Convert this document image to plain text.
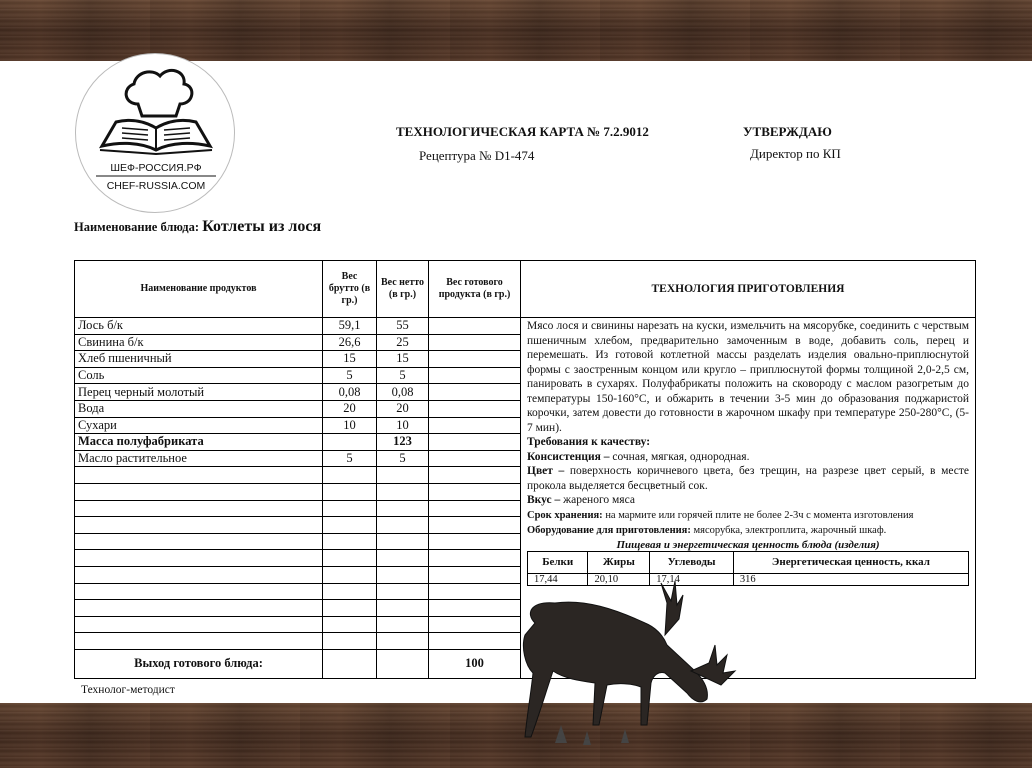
ШЕФ-РОССИЯ.РФ
CHEF-RUSSIA.COM
ТЕХНОЛОГИЧЕСКАЯ КАРТА № 7.2.9012
Рецептура № D1-474
УТВЕРЖДАЮ
Директор по КП
Наименование блюда: Котлеты из лося
Наименование продуктов	Вес брутто (в гр.)	Вес нетто (в гр.)	Вес готового продукта (в гр.)	ТЕХНОЛОГИЯ ПРИГОТОВЛЕНИЯ
Лось б/к	59,1	55		Мясо лося и свинины нарезать на куски, измельчить на мясорубке, соединить с черствым пшеничным хлебом, предварительно замоченным в воде, добавить соль, перец и перемешать. Из готовой котлетной массы разделать изделия овально-приплюснутой формы с заостренным концом или кругло – приплюснутой формы толщиной 2,0-2,5 см, панировать в сухарях. Полуфабрикаты положить на сковороду с маслом разогретым до температуры 150-160°С, и обжарить в течении 3-5 мин до образования поджаристой корочки, затем довести до готовности в жарочном шкафу при температуре 250-280°С, (5-7 мин).
Требования к качеству:
Консистенция – сочная, мягкая, однородная.
Цвет – поверхность коричневого цвета, без трещин, на разрезе цвет серый, в месте прокола выделяется бесцветный сок.
Вкус – жареного мяса
Срок хранения: на мармите или горячей плите не более 2-3ч с момента изготовления
Оборудование для приготовления: мясорубка, электроплита, жарочный шкаф.
Пищевая и энергетическая ценность блюда (изделия)
Белки	Жиры	Углеводы	Энергетическая ценность, ккал
17,44	20,10	17,14	316

Свинина б/к	26,6	25	
Хлеб пшеничный	15	15	
Соль	5	5	
Перец черный молотый	0,08	0,08	
Вода	20	20	
Сухари	10	10	
Масса полуфабриката		123	
Масло растительное	5	5	

Выход готового блюда:			100
Технолог-методист
